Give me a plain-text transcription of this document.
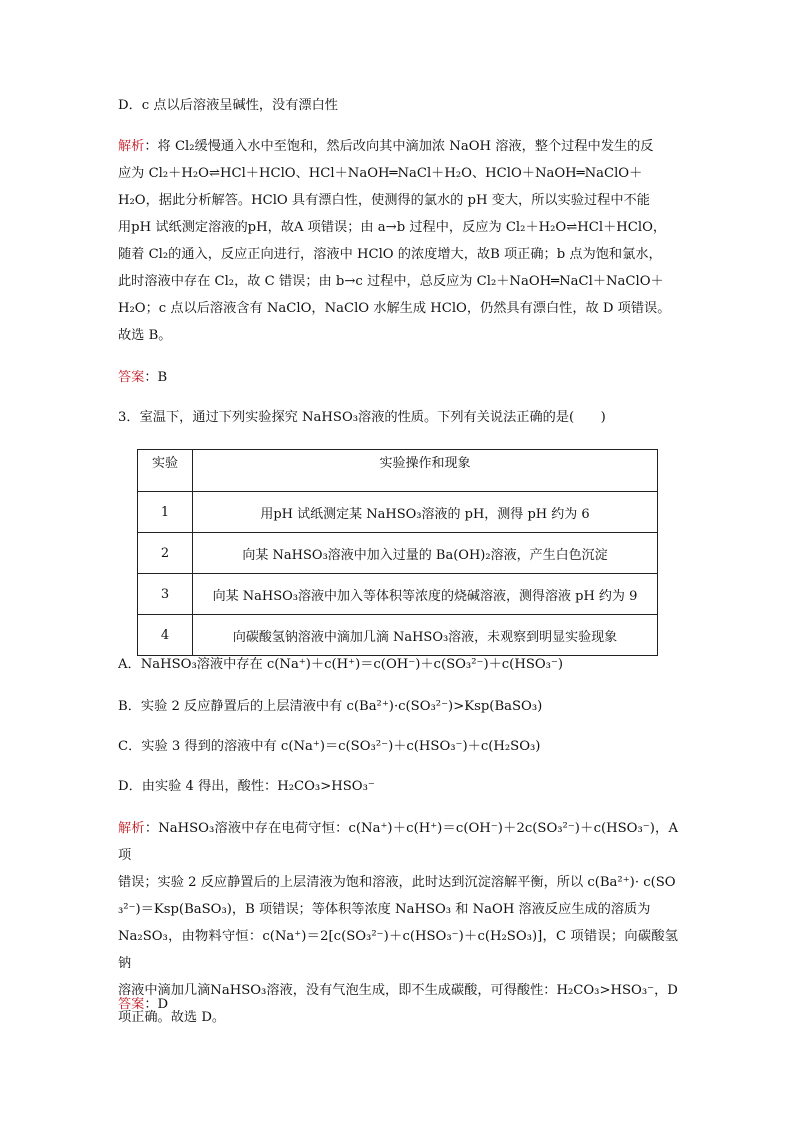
D．c 点以后溶液呈碱性，没有漂白性
解析：将 Cl₂缓慢通入水中至饱和，然后改向其中滴加浓 NaOH 溶液，整个过程中发生的反
应为 Cl₂＋H₂O⇌HCl＋HClO、HCl＋NaOH═NaCl＋H₂O、HClO＋NaOH═NaClO＋
H₂O，据此分析解答。HClO 具有漂白性，使测得的氯水的 pH 变大，所以实验过程中不能
用pH 试纸测定溶液的pH，故A 项错误；由 a→b 过程中，反应为 Cl₂＋H₂O⇌HCl＋HClO，
随着 Cl₂的通入，反应正向进行，溶液中 HClO 的浓度增大，故B 项正确；b 点为饱和氯水，
此时溶液中存在 Cl₂，故 C 错误；由 b→c 过程中，总反应为 Cl₂＋NaOH═NaCl＋NaClO＋
H₂O；c 点以后溶液含有 NaClO，NaClO 水解生成 HClO，仍然具有漂白性，故 D 项错误。
故选 B。
答案：B
3．室温下，通过下列实验探究 NaHSO₃溶液的性质。下列有关说法正确的是(　　)
实验	实验操作和现象
1	用pH 试纸测定某 NaHSO₃溶液的 pH，测得 pH 约为 6
2	向某 NaHSO₃溶液中加入过量的 Ba(OH)₂溶液，产生白色沉淀
3	向某 NaHSO₃溶液中加入等体积等浓度的烧碱溶液，测得溶液 pH 约为 9
4	向碳酸氢钠溶液中滴加几滴 NaHSO₃溶液，未观察到明显实验现象
A．NaHSO₃溶液中存在 c(Na⁺)＋c(H⁺)＝c(OH⁻)＋c(SO₃²⁻)＋c(HSO₃⁻)
B．实验 2 反应静置后的上层清液中有 c(Ba²⁺)·c(SO₃²⁻)>Ksp(BaSO₃)
C．实验 3 得到的溶液中有 c(Na⁺)＝c(SO₃²⁻)＋c(HSO₃⁻)＋c(H₂SO₃)
D．由实验 4 得出，酸性：H₂CO₃>HSO₃⁻
解析：NaHSO₃溶液中存在电荷守恒：c(Na⁺)＋c(H⁺)＝c(OH⁻)＋2c(SO₃²⁻)＋c(HSO₃⁻)，A 项
错误；实验 2 反应静置后的上层清液为饱和溶液，此时达到沉淀溶解平衡，所以 c(Ba²⁺)· c(SO
₃²⁻)＝Ksp(BaSO₃)，B 项错误；等体积等浓度 NaHSO₃ 和 NaOH 溶液反应生成的溶质为
Na₂SO₃，由物料守恒：c(Na⁺)＝2[c(SO₃²⁻)＋c(HSO₃⁻)＋c(H₂SO₃)]，C 项错误；向碳酸氢钠
溶液中滴加几滴NaHSO₃溶液，没有气泡生成，即不生成碳酸，可得酸性：H₂CO₃>HSO₃⁻，D
项正确。故选 D。
答案：D
